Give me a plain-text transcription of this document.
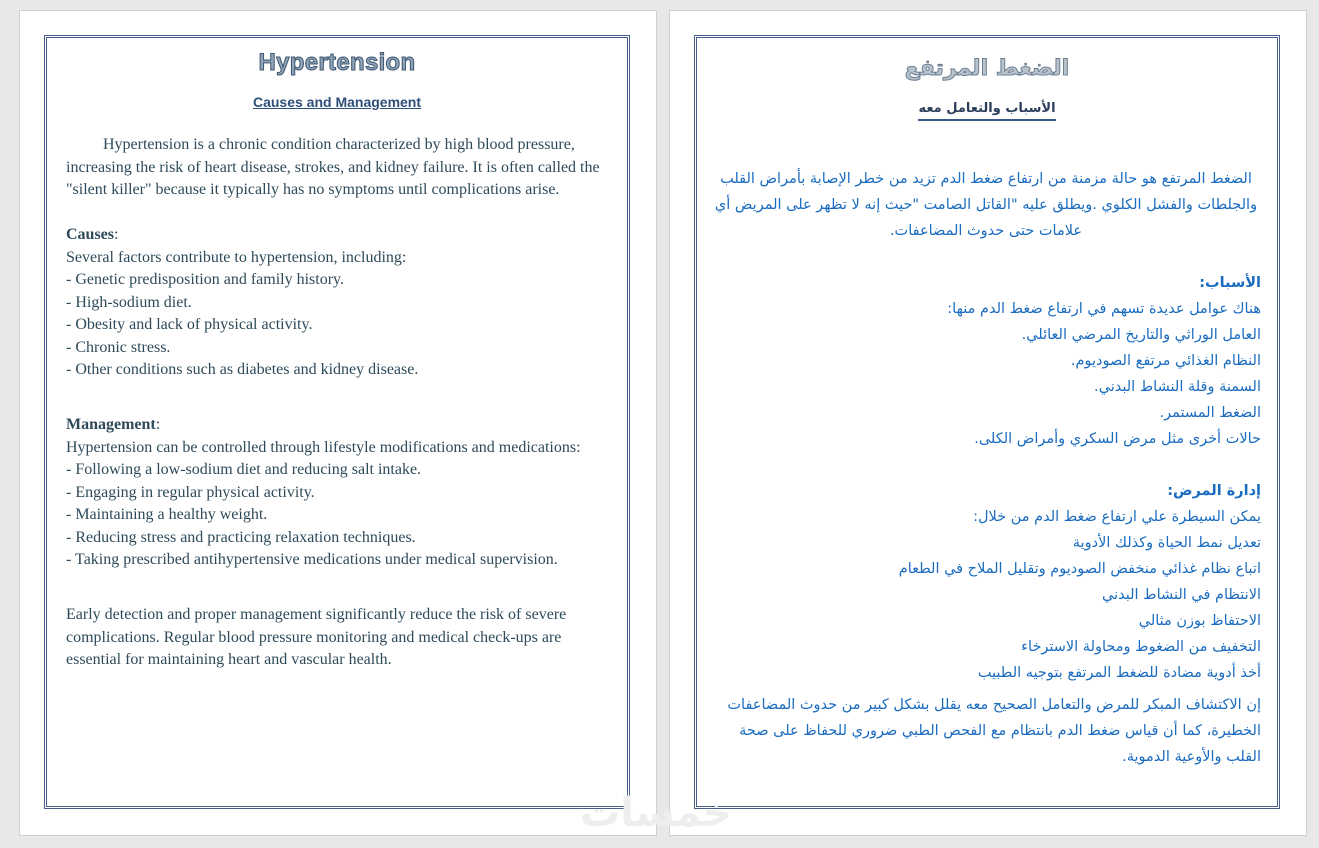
Hypertension
Causes and Management

Hypertension is a chronic condition characterized by high blood pressure, increasing the risk of heart disease, strokes, and kidney failure. It is often called the "silent killer" because it typically has no symptoms until complications arise.

Causes:

Several factors contribute to hypertension, including:

- Genetic predisposition and family history.

- High-sodium diet.

- Obesity and lack of physical activity.

- Chronic stress.

- Other conditions such as diabetes and kidney disease.

Management:

Hypertension can be controlled through lifestyle modifications and medications:

- Following a low-sodium diet and reducing salt intake.

- Engaging in regular physical activity.

- Maintaining a healthy weight.

- Reducing stress and practicing relaxation techniques.

- Taking prescribed antihypertensive medications under medical supervision.

Early detection and proper management significantly reduce the risk of severe complications. Regular blood pressure monitoring and medical check-ups are essential for maintaining heart and vascular health.

الضغط المرتفع
الأسباب والتعامل معه

الضغط المرتفع هو حالة مزمنة من ارتفاع ضغط الدم تزيد من خطر الإصابة بأمراض القلب والجلطات والفشل الكلوي .ويطلق عليه "القاتل الصامت "حيث إنه لا تظهر على المريض أي علامات حتى حدوث المضاعفات.

الأسباب:

هناك عوامل عديدة تسهم في ارتفاع ضغط الدم منها:

العامل الوراثي والتاريخ المرضي العائلي.

النظام الغذائي مرتفع الصوديوم.

السمنة وقلة النشاط البدني.

الضغط المستمر.

حالات أخرى مثل مرض السكري وأمراض الكلى.

إدارة المرض:

يمكن السيطرة علي ارتفاع ضغط الدم من خلال:

تعديل نمط الحياة وكذلك الأدوية

اتباع نظام غذائي منخفض الصوديوم وتقليل الملاح في الطعام

الانتظام في النشاط البدني

الاحتفاظ بوزن مثالي

التخفيف من الضغوط ومحاولة الاسترخاء

أخذ أدوية مضادة للضغط المرتفع بتوجيه الطبيب

إن الاكتشاف المبكر للمرض والتعامل الصحيح معه يقلل بشكل كبير من حدوث المضاعفات الخطيرة، كما أن قياس ضغط الدم بانتظام مع الفحص الطبي ضروري للحفاظ على صحة القلب والأوعية الدموية.

خمسات
